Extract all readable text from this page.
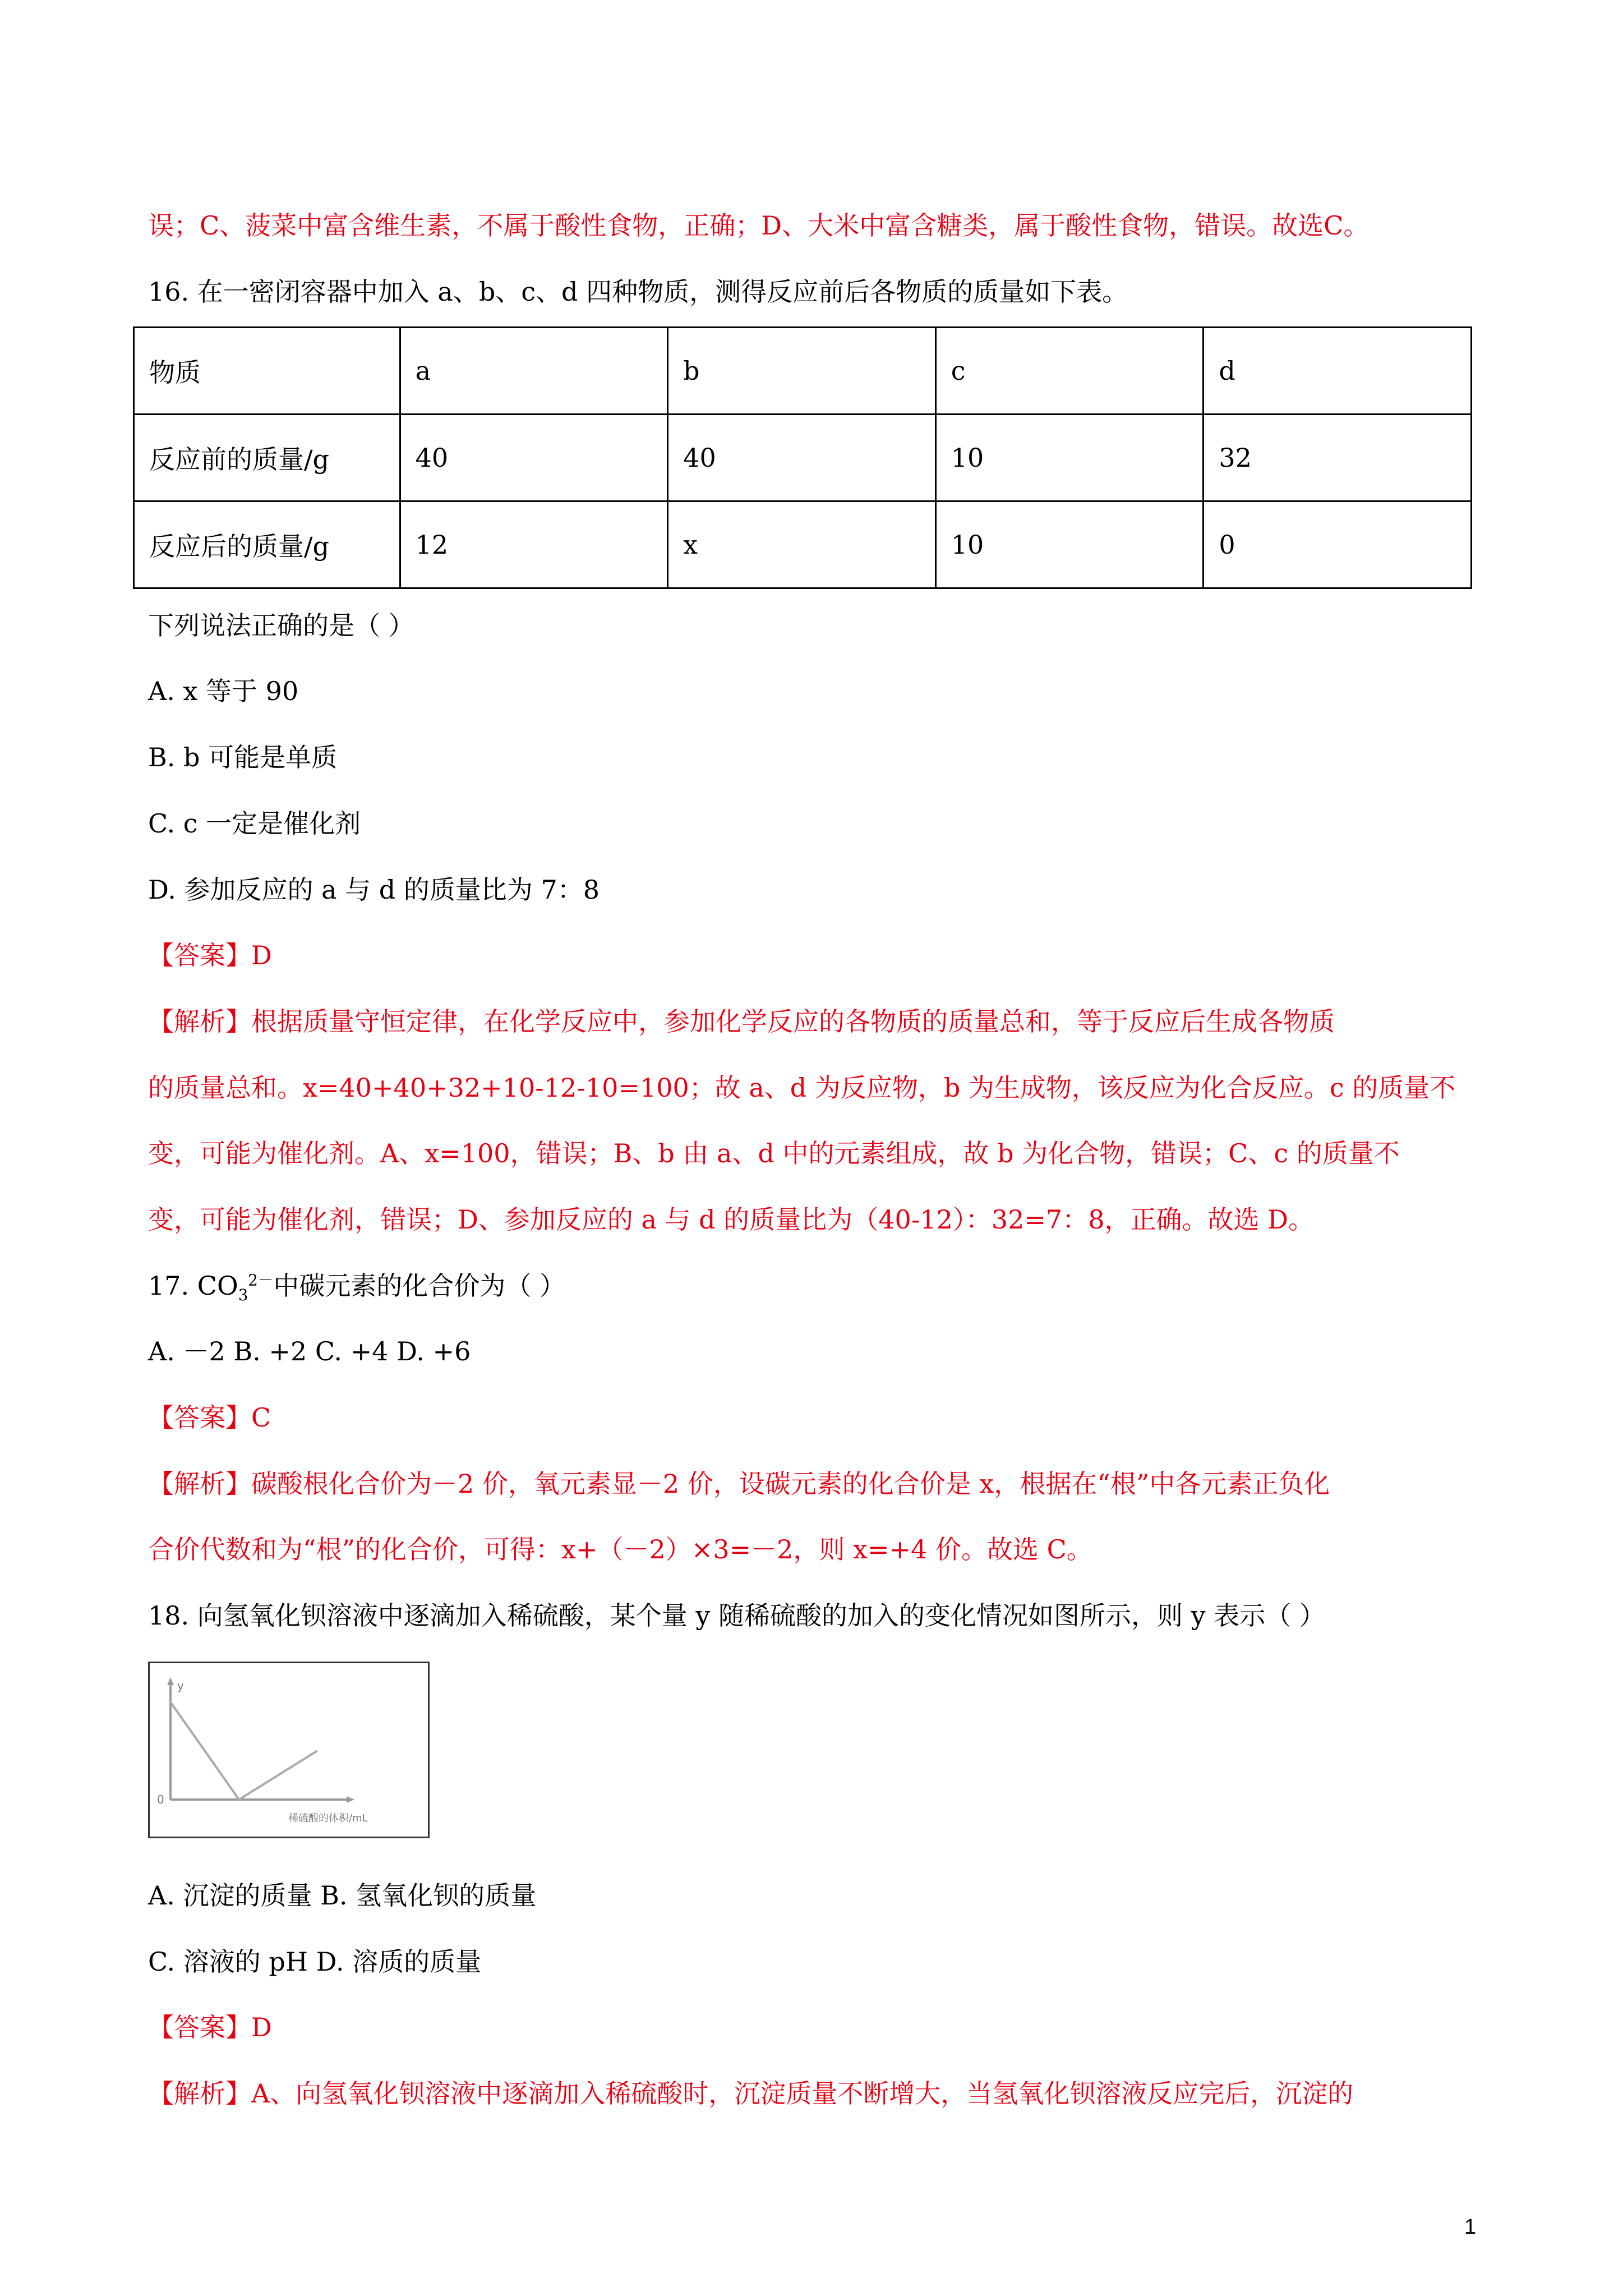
误；C、菠菜中富含维生素，不属于酸性食物，正确；D、大米中富含糖类，属于酸性食物，错误。故选C。
16. 在一密闭容器中加入 a、b、c、d 四种物质，测得反应前后各物质的质量如下表。
物质	a	b	c	d
反应前的质量/g	40	40	10	32
反应后的质量/g	12	x	10	0
下列说法正确的是（ ）
A. x 等于 90
B. b 可能是单质
C. c 一定是催化剂
D. 参加反应的 a 与 d 的质量比为 7：8
【答案】D
【解析】根据质量守恒定律，在化学反应中，参加化学反应的各物质的质量总和，等于反应后生成各物质
的质量总和。x=40+40+32+10-12-10=100；故 a、d 为反应物，b 为生成物，该反应为化合反应。c 的质量不
变，可能为催化剂。A、x=100，错误；B、b 由 a、d 中的元素组成，故 b 为化合物，错误；C、c 的质量不
变，可能为催化剂，错误；D、参加反应的 a 与 d 的质量比为（40-12）：32=7：8，正确。故选 D。
17. $CO_3^{2-}$中碳元素的化合价为（ ）
A. －2 B. +2 C. +4 D. +6
【答案】C
【解析】碳酸根化合价为－2 价，氧元素显－2 价，设碳元素的化合价是 x，根据在“根”中各元素正负化
合价代数和为“根”的化合价，可得：x+（－2）×3=－2，则 x=+4 价。故选 C。
18. 向氢氧化钡溶液中逐滴加入稀硫酸，某个量 y 随稀硫酸的加入的变化情况如图所示，则 y 表示（ ）
y
0
稀硫酸的体积/mL
A. 沉淀的质量 B. 氢氧化钡的质量
C. 溶液的 pH D. 溶质的质量
【答案】D
【解析】A、向氢氧化钡溶液中逐滴加入稀硫酸时，沉淀质量不断增大，当氢氧化钡溶液反应完后，沉淀的
1
